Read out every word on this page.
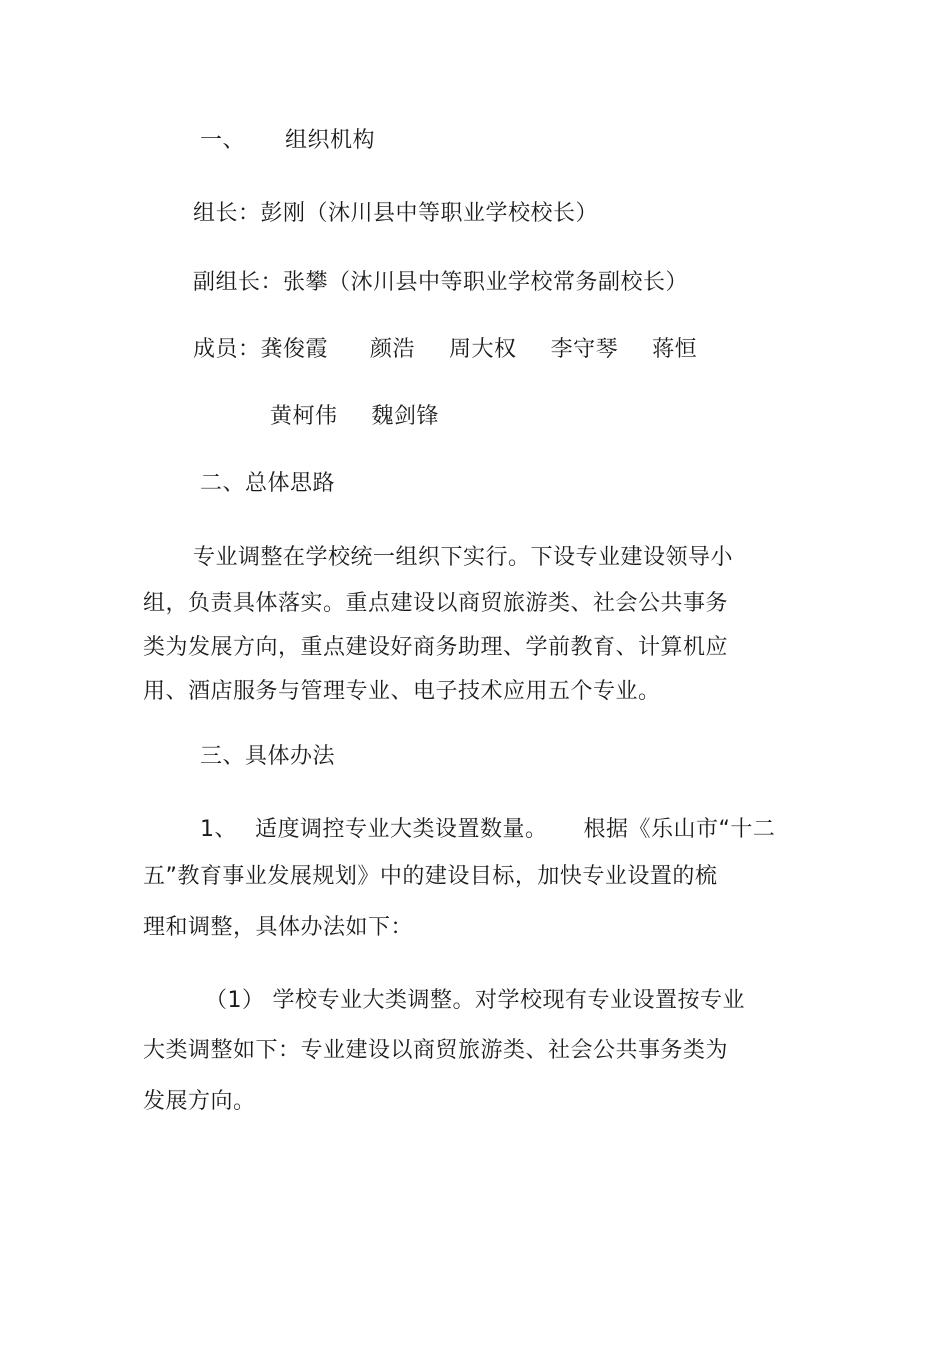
一、 组织机构
组长：彭刚（沐川县中等职业学校校长）
副组长：张攀（沐川县中等职业学校常务副校长）
成员：龚俊霞 颜浩 周大权 李守琴 蒋恒
黄柯伟 魏剑锋
二、总体思路
专业调整在学校统一组织下实行。下设专业建设领导小
组，负责具体落实。重点建设以商贸旅游类、社会公共事务
类为发展方向，重点建设好商务助理、学前教育、计算机应
用、酒店服务与管理专业、电子技术应用五个专业。
三、具体办法
1、 适度调控专业大类设置数量。 根据《乐山市“十二
五”教育事业发展规划》中的建设目标，加快专业设置的梳
理和调整，具体办法如下：
（1） 学校专业大类调整。对学校现有专业设置按专业
大类调整如下：专业建设以商贸旅游类、社会公共事务类为
发展方向。
